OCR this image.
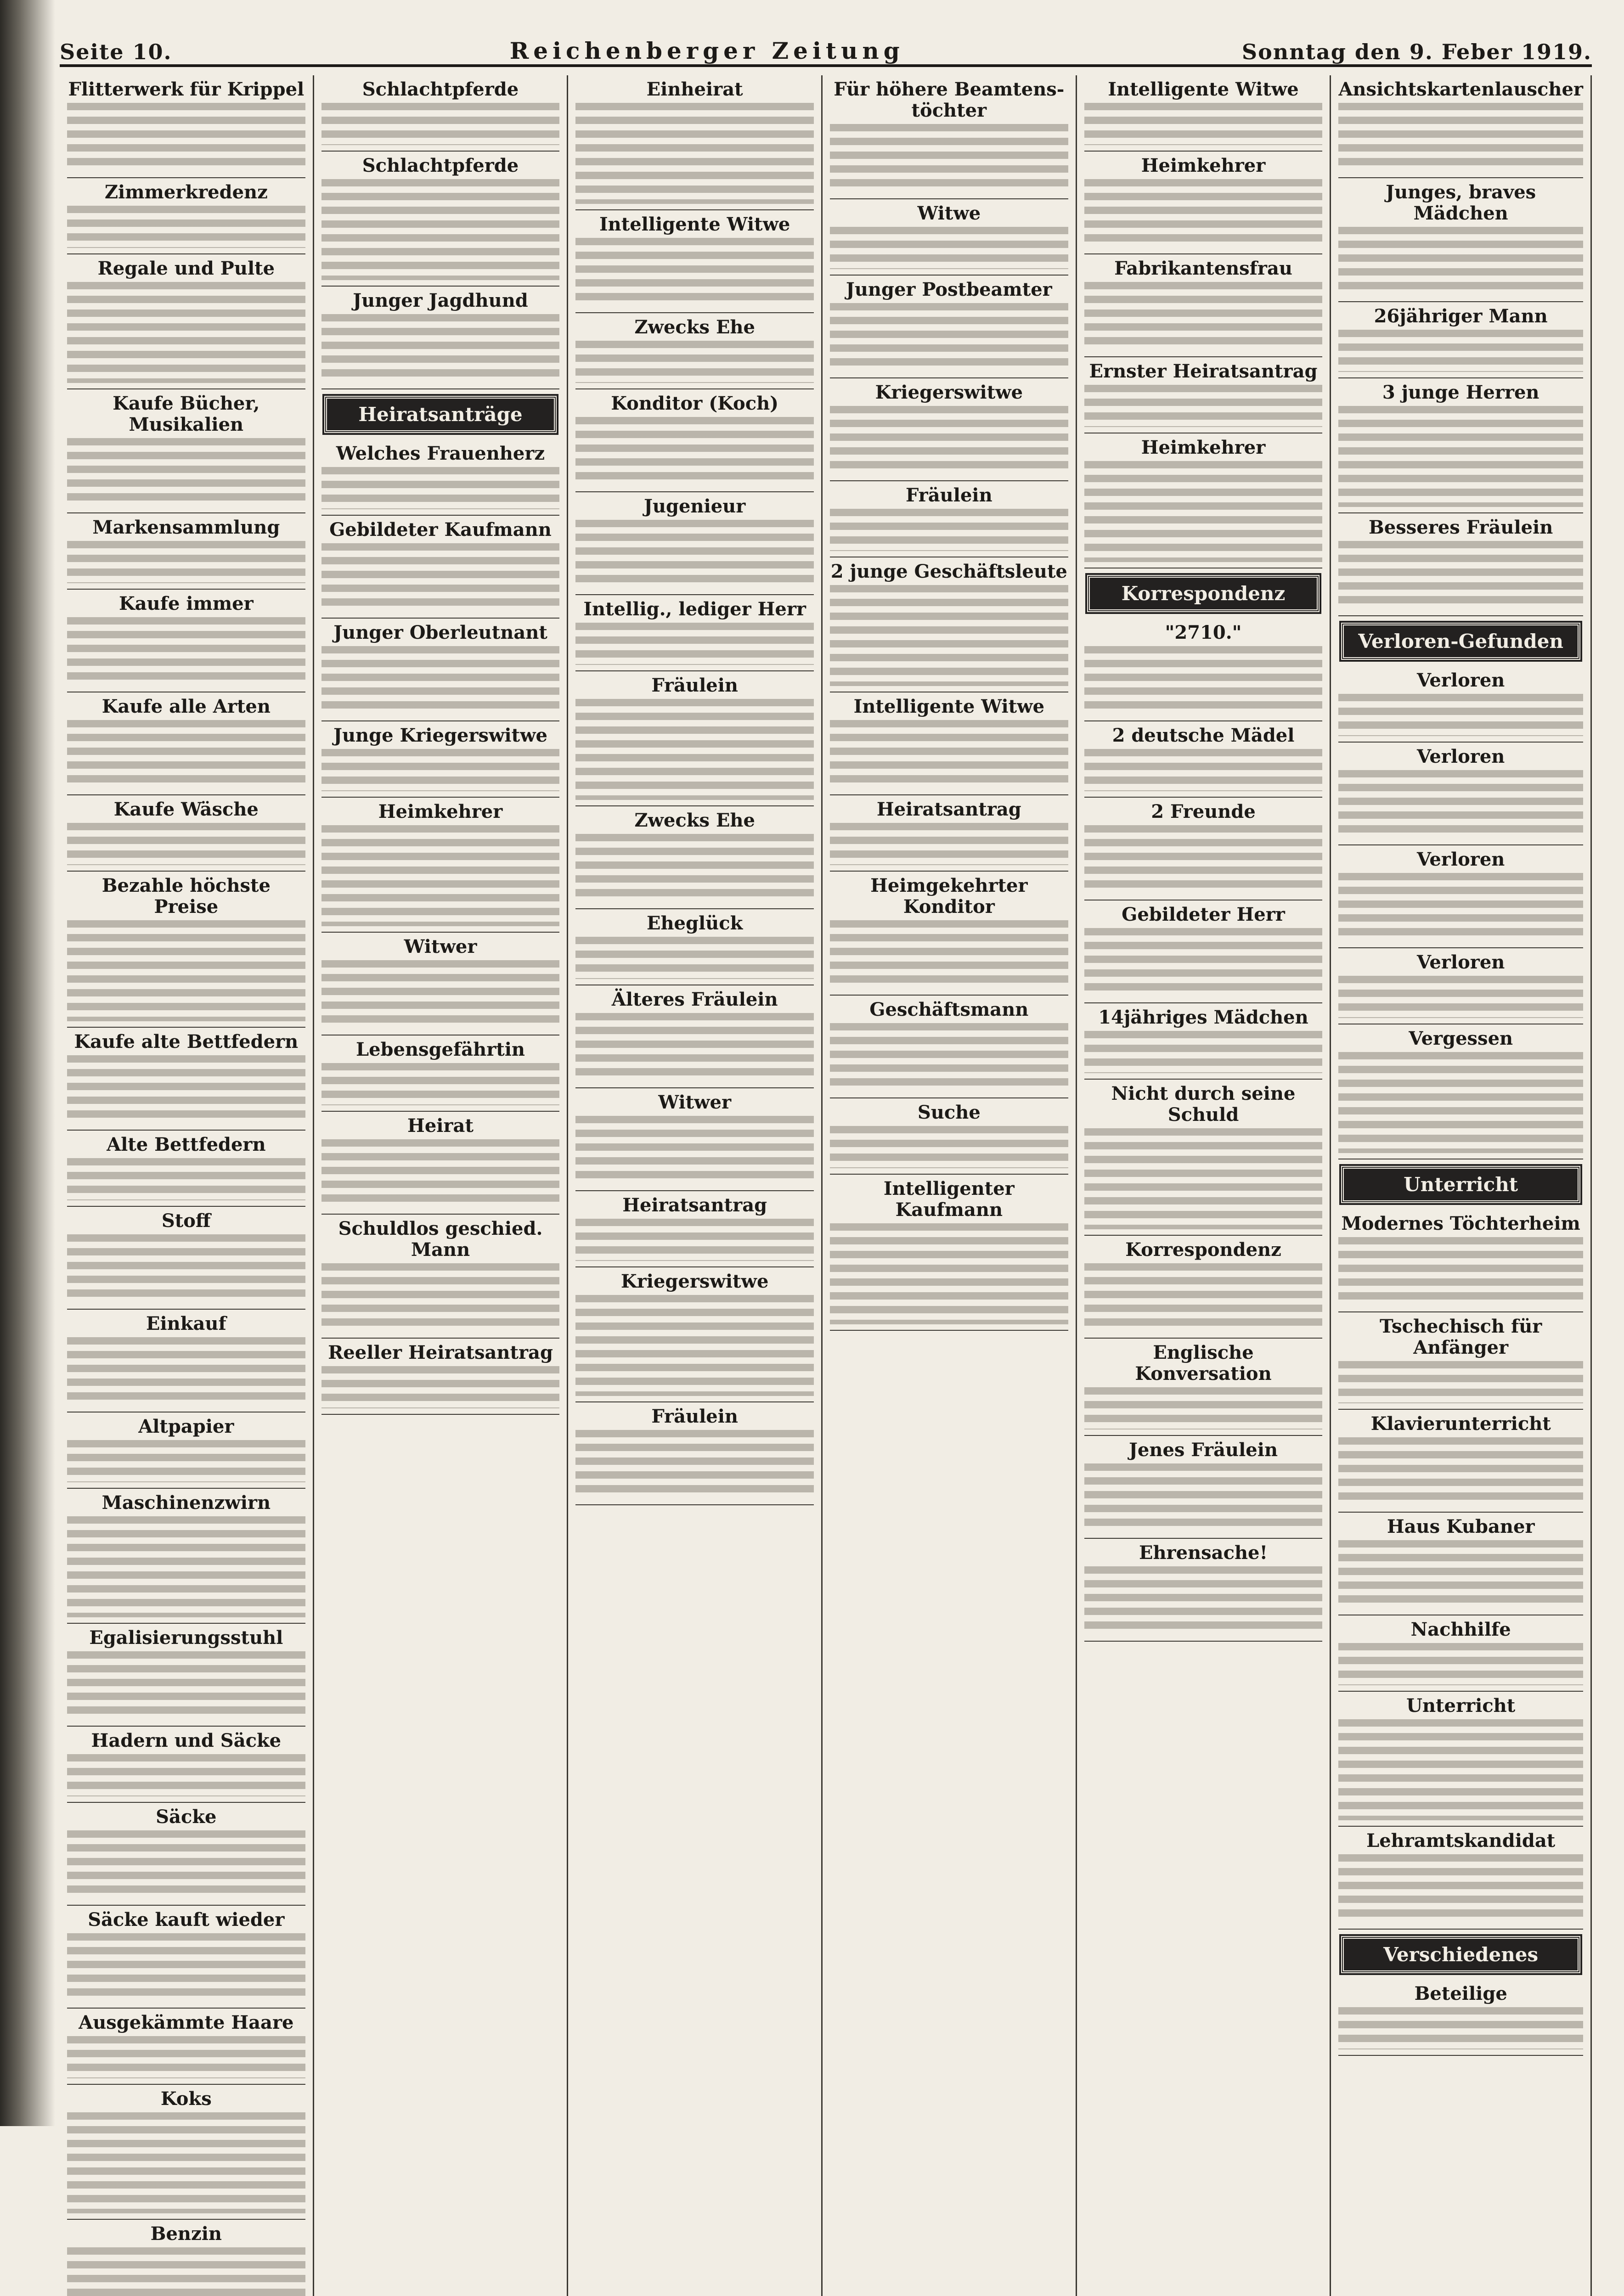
Seite 10.	Reichenberger Zeitung	Sonntag den 9. Feber 1919.
Flitterwerk für Krippel
Zimmerkredenz
Regale und Pulte
Kaufe Bücher, Musikalien
Markensammlung
Kaufe immer
Kaufe alle Arten
Kaufe Wäsche
Bezahle höchste Preise
Kaufe alte Bettfedern
Alte Bettfedern
Stoff
Einkauf
Altpapier
Maschinenzwirn
Egalisierungsstuhl
Hadern und Säcke
Säcke
Säcke kauft wieder
Ausgekämmte Haare
Koks
Benzin
Schlachtpferde
Schlachtpferde
Junger Jagdhund
Heiratsanträge
Welches Frauenherz
Gebildeter Kaufmann
Junger Oberleutnant
Junge Kriegerswitwe
Heimkehrer
Witwer
Lebensgefährtin
Heirat
Schuldlos geschied. Mann
Reeller Heiratsantrag
Einheirat
Intelligente Witwe
Zwecks Ehe
Konditor (Koch)
Jugenieur
Intellig., lediger Herr
Fräulein
Zwecks Ehe
Eheglück
Älteres Fräulein
Witwer
Heiratsantrag
Kriegerswitwe
Fräulein
Für höhere Beamtens-töchter
Witwe
Junger Postbeamter
Kriegerswitwe
Fräulein
2 junge Geschäftsleute
Intelligente Witwe
Heiratsantrag
Heimgekehrter Konditor
Geschäftsmann
Suche
Intelligenter Kaufmann
Intelligente Witwe
Heimkehrer
Fabrikantensfrau
Ernster Heiratsantrag
Heimkehrer
Korrespondenz
"2710."
2 deutsche Mädel
2 Freunde
Gebildeter Herr
14jähriges Mädchen
Nicht durch seine Schuld
Korrespondenz
Englische Konversation
Jenes Fräulein
Ehrensache!
Ansichtskartenlauscher
Junges, braves Mädchen
26jähriger Mann
3 junge Herren
Besseres Fräulein
Verloren-Gefunden
Verloren
Verloren
Verloren
Verloren
Vergessen
Unterricht
Modernes Töchterheim
Tschechisch für Anfänger
Klavierunterricht
Haus Kubaner
Nachhilfe
Unterricht
Lehramtskandidat
Verschiedenes
Beteilige
